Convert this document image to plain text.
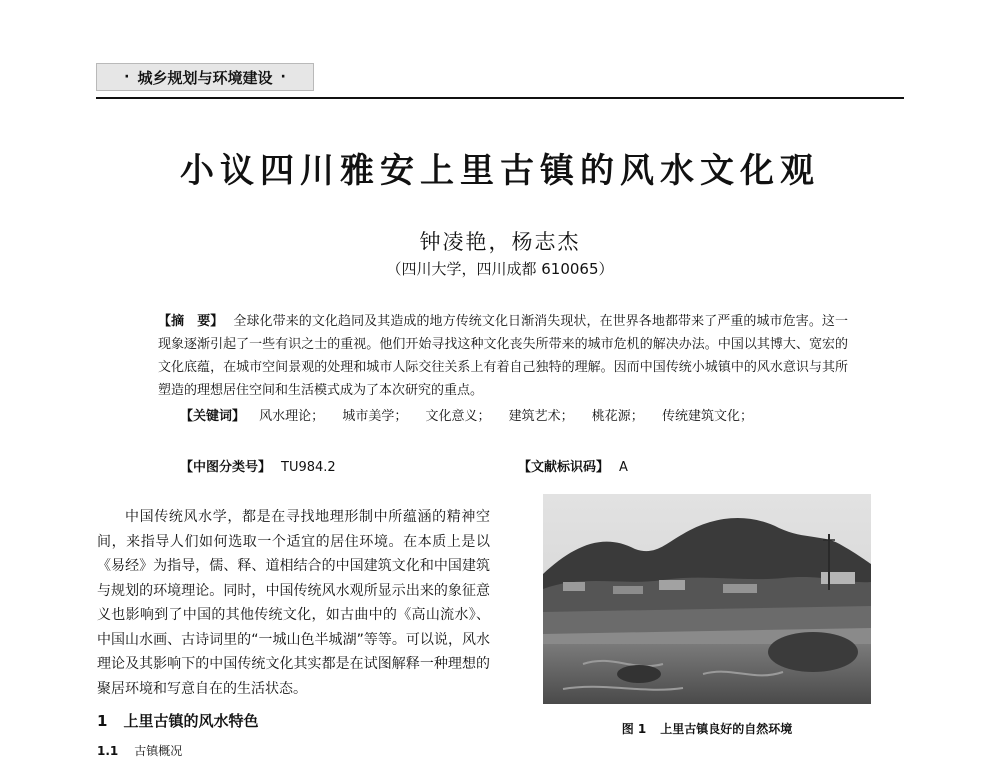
· 城乡规划与环境建设 ·
小议四川雅安上里古镇的风水文化观
钟凌艳，杨志杰
（四川大学，四川成都 610065）
【摘　要】 全球化带来的文化趋同及其造成的地方传统文化日渐消失现状，在世界各地都带来了严重的城市危害。这一现象逐渐引起了一些有识之士的重视。他们开始寻找这种文化丧失所带来的城市危机的解决办法。中国以其博大、宽宏的文化底蕴，在城市空间景观的处理和城市人际交往关系上有着自己独特的理解。因而中国传统小城镇中的风水意识与其所塑造的理想居住空间和生活模式成为了本次研究的重点。
【关键词】 风水理论； 城市美学； 文化意义； 建筑艺术； 桃花源； 传统建筑文化；
【中图分类号】 TU984.2	【文献标识码】 A
中国传统风水学，都是在寻找地理形制中所蕴涵的精神空间，来指导人们如何选取一个适宜的居住环境。在本质上是以《易经》为指导，儒、释、道相结合的中国建筑文化和中国建筑与规划的环境理论。同时，中国传统风水观所显示出来的象征意义也影响到了中国的其他传统文化，如古曲中的《高山流水》、中国山水画、古诗词里的“一城山色半城湖”等等。可以说，风水理论及其影响下的中国传统文化其实都是在试图解释一种理想的聚居环境和写意自在的生活状态。
1 上里古镇的风水特色
1.1 古镇概况
图 1 上里古镇良好的自然环境
